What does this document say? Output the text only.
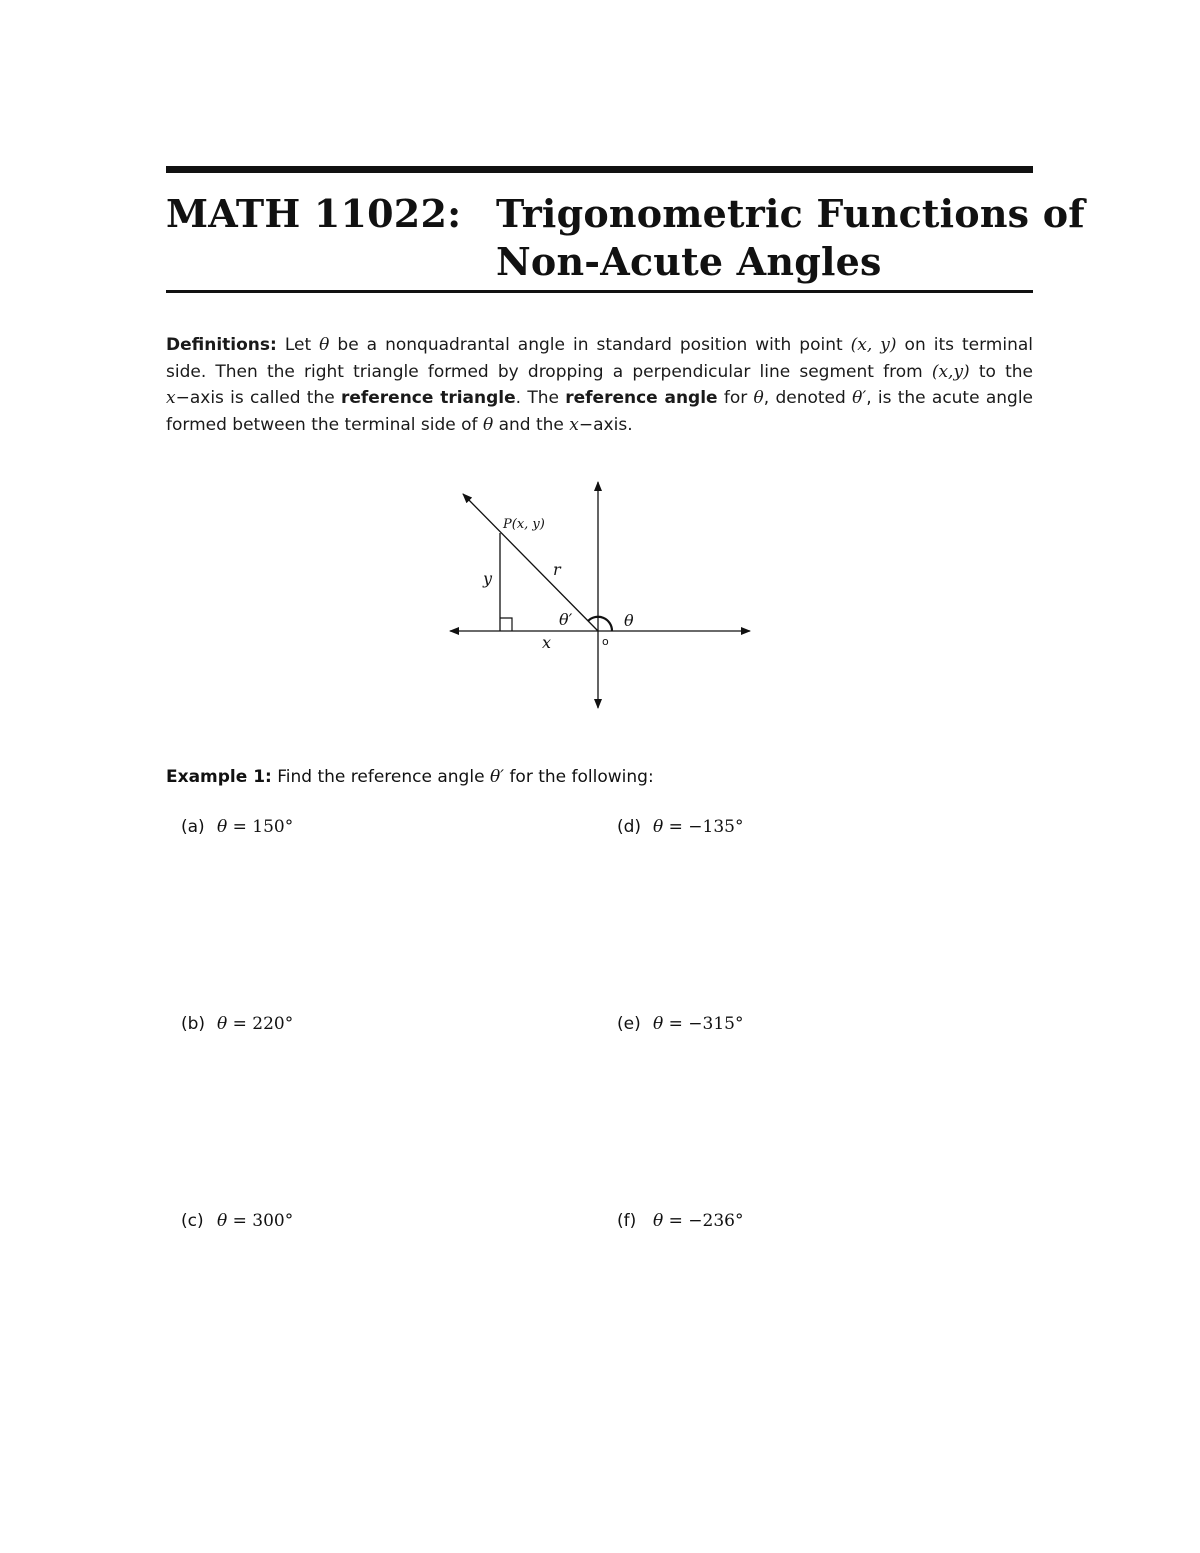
MATH 11022: Trigonometric Functions of
Non-Acute Angles
Definitions: Let θ be a nonquadrantal angle in standard position with point (x, y) on its terminal side. Then the right triangle formed by dropping a perpendicular line segment from (x,y) to the x−axis is called the reference triangle. The reference angle for θ, denoted θ′, is the acute angle formed between the terminal side of θ and the x−axis.
P(x, y)
r
y
x
θ′	θ
o
Example 1: Find the reference angle θ′ for the following:
(a) θ = 150°
(b) θ = 220°
(c) θ = 300°
(d) θ = −135°
(e) θ = −315°
(f) θ = −236°
